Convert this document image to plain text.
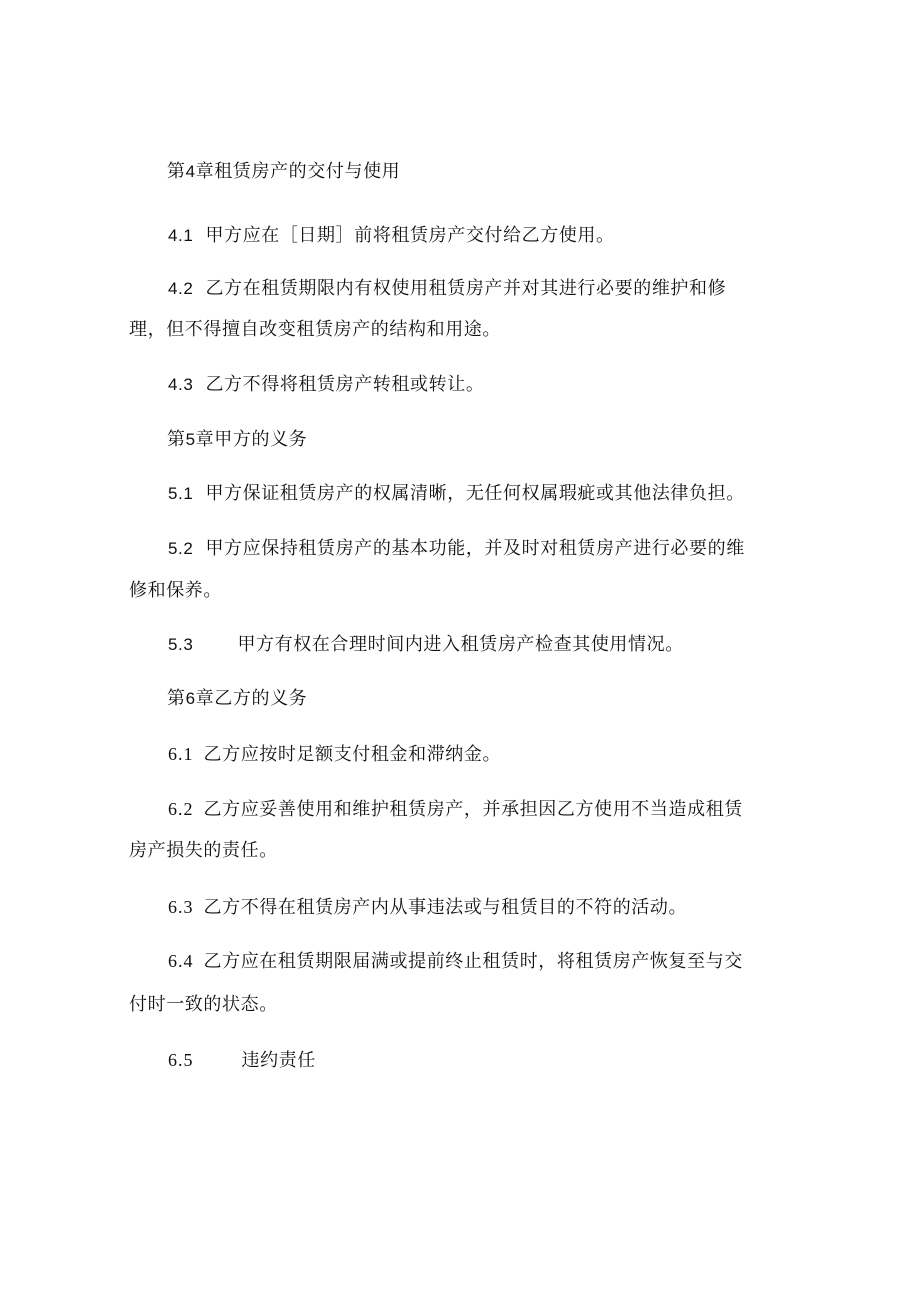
第4章租赁房产的交付与使用
4.1 甲方应在［日期］前将租赁房产交付给乙方使用。
4.2 乙方在租赁期限内有权使用租赁房产并对其进行必要的维护和修
理，但不得擅自改变租赁房产的结构和用途。
4.3 乙方不得将租赁房产转租或转让。
第5章甲方的义务
5.1 甲方保证租赁房产的权属清晰，无任何权属瑕疵或其他法律负担。
5.2 甲方应保持租赁房产的基本功能，并及时对租赁房产进行必要的维
修和保养。
5.3 甲方有权在合理时间内进入租赁房产检查其使用情况。
第6章乙方的义务
6.1 乙方应按时足额支付租金和滞纳金。
6.2 乙方应妥善使用和维护租赁房产，并承担因乙方使用不当造成租赁
房产损失的责任。
6.3 乙方不得在租赁房产内从事违法或与租赁目的不符的活动。
6.4 乙方应在租赁期限届满或提前终止租赁时，将租赁房产恢复至与交
付时一致的状态。
6.5	违约责任
